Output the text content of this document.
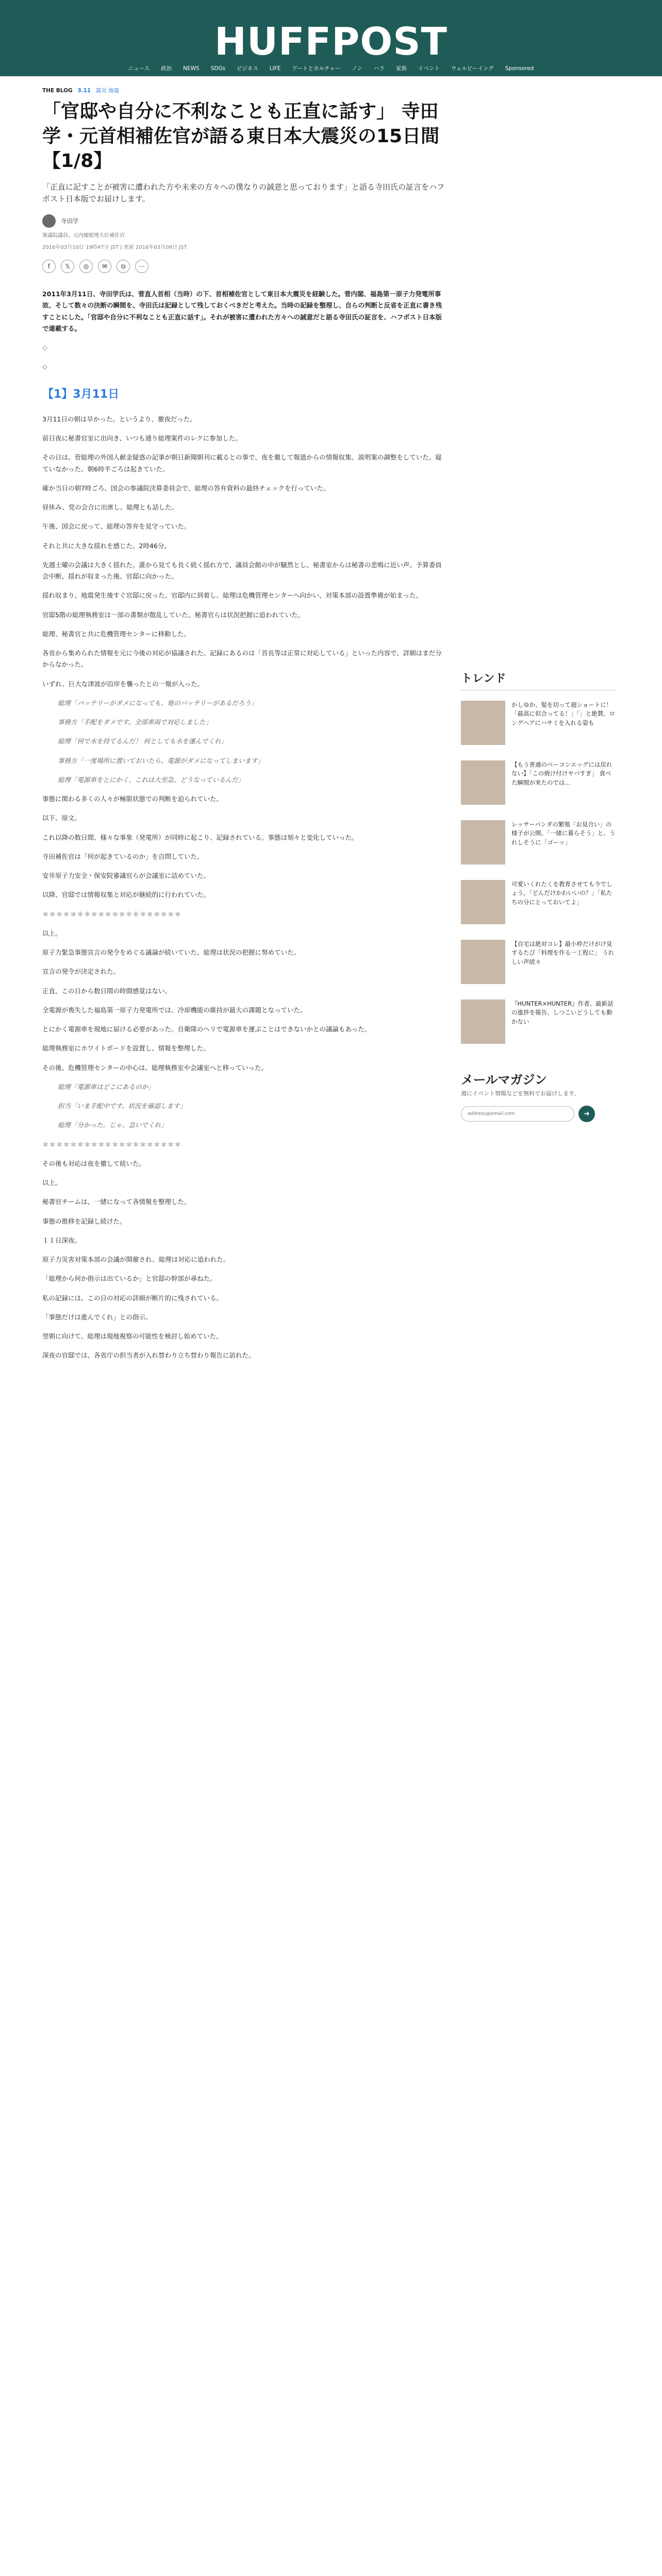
HUFFPOST
ニュース 政治 NEWS SDGs ビジネス LIFE アートとカルチャー ノン ハラ 家族 イベント ウェルビーイング Sponsored
THE BLOG 3.11 震災 地震
「官邸や自分に不利なことも正直に話す」 寺田学・元首相補佐官が語る東日本大震災の15日間【1/8】

「正直に記すことが被害に遭われた方や未来の方々への僕なりの誠意と思っております」と語る寺田氏の証言をハフポスト日本版でお届けします。

寺田学
衆議院議員。元内閣総理大臣補佐官
2016年03月10日 19時47分 JST | 更新 2016年03月09日 JST
f	𝕏	◎	✉	⧉	⋯

2011年3月11日、寺田学氏は、菅直人首相（当時）の下、首相補佐官として東日本大震災を経験した。菅内閣、福島第一原子力発電所事故、そして数々の決断の瞬間を、寺田氏は記録として残しておくべきだと考えた。当時の記録を整理し、自らの判断と反省を正直に書き残すことにした。「官邸や自分に不利なことも正直に話す」。それが被害に遭われた方々への誠意だと語る寺田氏の証言を、ハフポスト日本版で連載する。

◇

◇

【1】3月11日

3月11日の朝は早かった。というより、徹夜だった。

前日夜に秘書官室に出向き、いつも通り総理案件のレクに参加した。

その日は、菅総理の外国人献金疑惑の記事が朝日新聞朝刊に載るとの事で、夜を徹して報道からの情報収集、説明案の調整をしていた。寝ていなかった。朝6時半ごろは起きていた。

確か当日の朝7時ごろ、国会の参議院決算委員会で、総理の答弁資料の最終チェックを行っていた。

昼休み、党の会合に出席し、総理とも話した。

午後、国会に戻って、総理の答弁を見守っていた。

それと共に大きな揺れを感じた。2時46分。

先週土曜の会議は大きく揺れた。誰から見ても長く続く揺れ方で、議員会館の中が騒然とし、秘書室からは秘書の悲鳴に近い声。予算委員会中断、揺れが収まった後、官邸に向かった。

揺れ収まり、地震発生後すぐ官邸に戻った。官邸内に到着し、総理は危機管理センターへ向かい、対策本部の設置準備が始まった。

官邸5階の総理執務室は一部の書類が散乱していた。秘書官らは状況把握に追われていた。

総理、秘書官と共に危機管理センターに移動した。

各省から集められた情報を元に今後の対応が協議された。記録にあるのは「首長等は正常に対応している」といった内容で、詳細はまだ分からなかった。

いずれ、巨大な津波が沿岸を襲ったとの一報が入った。

総理「バッテリーがダメになっても、他のバッテリーがあるだろう」

事務方「手配をダメです。全部車両で対応しました」

総理「何で水を持てるんだ！ 何としても水を運んでくれ」

事務方「一度場所に置いておいたら、電源がダメになってしまいます」

総理「電源車をとにかく、これは大至急、どうなっているんだ」

事態に関わる多くの人々が極限状態での判断を迫られていた。

以下、原文。

これ以降の数日間、様々な事象（発電所）が同時に起こり、記録されている。事態は刻々と変化していった。

寺田補佐官は「何が起きているのか」を自問していた。

安井原子力安全・保安院審議官らが会議室に詰めていた。

以降、官邸では情報収集と対応が継続的に行われていた。

＊＊＊＊＊＊＊＊＊＊＊＊＊＊＊＊＊＊＊＊

以上。

原子力緊急事態宣言の発令をめぐる議論が続いていた。総理は状況の把握に努めていた。

宣言の発令が決定された。

正直、この日から数日間の時間感覚はない。

全電源が喪失した福島第一原子力発電所では、冷却機能の維持が最大の課題となっていた。

とにかく電源車を現地に届ける必要があった。自衛隊のヘリで電源車を運ぶことはできないかとの議論もあった。

総理執務室にホワイトボードを設置し、情報を整理した。

その後、危機管理センターの中心は、総理執務室や会議室へと移っていった。

総理「電源車はどこにあるのか」

担当「いま手配中です。状況を確認します」

総理「分かった。じゃ、急いでくれ」

＊＊＊＊＊＊＊＊＊＊＊＊＊＊＊＊＊＊＊＊

その後も対応は夜を徹して続いた。

以上。

秘書官チームは、一緒になって各情報を整理した。

事態の推移を記録し続けた。

１１日深夜。

原子力災害対策本部の会議が開催され、総理は対応に追われた。

「総理から何か指示は出ているか」と官邸の幹部が尋ねた。

私の記録には、この日の対応の詳細が断片的に残されている。

「事態だけは進んでくれ」との指示。

翌朝に向けて、総理は現地視察の可能性を検討し始めていた。

深夜の官邸では、各省庁の担当者が入れ替わり立ち替わり報告に訪れた。

トレンド
かしゆか、髪を切って超ショートに！「最高に似合ってる！」「」と絶賛。ロングヘアにハサミを入れる姿も
【もう普通のベーコンエッグには戻れない】「この焼け付けヤバすぎ」 食べた瞬間が来たのでは…
レッサーパンダの繁殖「お見合い」の様子が公開。「一緒に暮らそう」と、うれしそうに「ゴーッ」
可愛いくれたくを教育させても今でしょう。「どんだけかわいいの？」「私たちの分にとっておいてよ」
【自宅は絶対コレ】最小枠だけがけ見するたび「料理を作る一工程に」 うれしい声続々
『HUNTER×HUNTER』作者、最新話の進捗を報告。しつこいどうしても動かない
メールマガジン

週にイベント情報などを無料でお届けします。

address@email.com
➜
